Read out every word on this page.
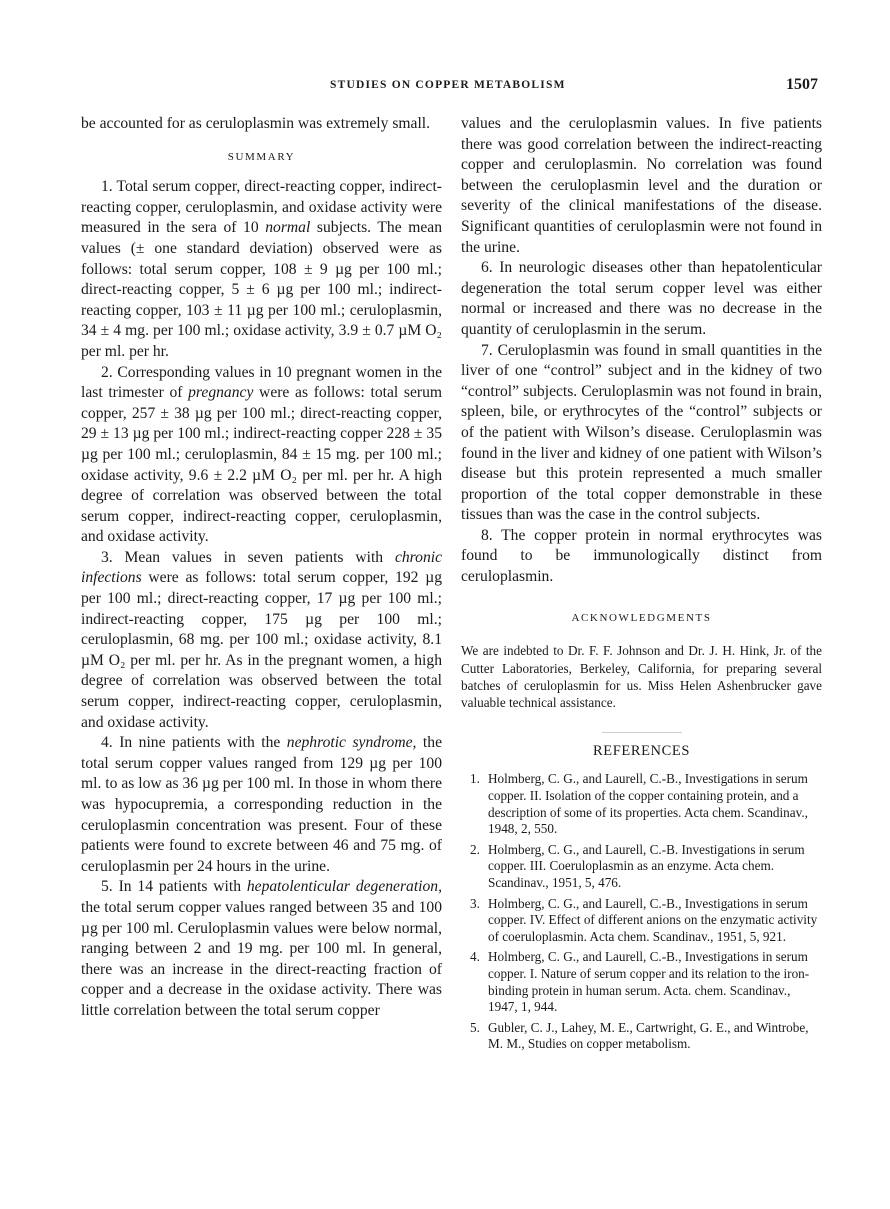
STUDIES ON COPPER METABOLISM	1507

be accounted for as ceruloplasmin was extremely small.

SUMMARY

1. Total serum copper, direct-reacting copper, indirect-reacting copper, ceruloplasmin, and oxidase activity were measured in the sera of 10 normal subjects. The mean values (± one standard deviation) observed were as follows: total serum copper, 108 ± 9 µg per 100 ml.; direct-reacting copper, 5 ± 6 µg per 100 ml.; indirect-reacting copper, 103 ± 11 µg per 100 ml.; ceruloplasmin, 34 ± 4 mg. per 100 ml.; oxidase activity, 3.9 ± 0.7 µM O₂ per ml. per hr.

2. Corresponding values in 10 pregnant women in the last trimester of pregnancy were as follows: total serum copper, 257 ± 38 µg per 100 ml.; direct-reacting copper, 29 ± 13 µg per 100 ml.; indirect-reacting copper 228 ± 35 µg per 100 ml.; ceruloplasmin, 84 ± 15 mg. per 100 ml.; oxidase activity, 9.6 ± 2.2 µM O₂ per ml. per hr. A high degree of correlation was observed between the total serum copper, indirect-reacting copper, ceruloplasmin, and oxidase activity.

3. Mean values in seven patients with chronic infections were as follows: total serum copper, 192 µg per 100 ml.; direct-reacting copper, 17 µg per 100 ml.; indirect-reacting copper, 175 µg per 100 ml.; ceruloplasmin, 68 mg. per 100 ml.; oxidase activity, 8.1 µM O₂ per ml. per hr. As in the pregnant women, a high degree of correlation was observed between the total serum copper, indirect-reacting copper, ceruloplasmin, and oxidase activity.

4. In nine patients with the nephrotic syndrome, the total serum copper values ranged from 129 µg per 100 ml. to as low as 36 µg per 100 ml. In those in whom there was hypocupremia, a corresponding reduction in the ceruloplasmin concentration was present. Four of these patients were found to excrete between 46 and 75 mg. of ceruloplasmin per 24 hours in the urine.

5. In 14 patients with hepatolenticular degeneration, the total serum copper values ranged between 35 and 100 µg per 100 ml. Ceruloplasmin values were below normal, ranging between 2 and 19 mg. per 100 ml. In general, there was an increase in the direct-reacting fraction of copper and a decrease in the oxidase activity. There was little correlation between the total serum copper

values and the ceruloplasmin values. In five patients there was good correlation between the indirect-reacting copper and ceruloplasmin. No correlation was found between the ceruloplasmin level and the duration or severity of the clinical manifestations of the disease. Significant quantities of ceruloplasmin were not found in the urine.

6. In neurologic diseases other than hepatolenticular degeneration the total serum copper level was either normal or increased and there was no decrease in the quantity of ceruloplasmin in the serum.

7. Ceruloplasmin was found in small quantities in the liver of one “control” subject and in the kidney of two “control” subjects. Ceruloplasmin was not found in brain, spleen, bile, or erythrocytes of the “control” subjects or of the patient with Wilson’s disease. Ceruloplasmin was found in the liver and kidney of one patient with Wilson’s disease but this protein represented a much smaller proportion of the total copper demonstrable in these tissues than was the case in the control subjects.

8. The copper protein in normal erythrocytes was found to be immunologically distinct from ceruloplasmin.

ACKNOWLEDGMENTS

We are indebted to Dr. F. F. Johnson and Dr. J. H. Hink, Jr. of the Cutter Laboratories, Berkeley, California, for preparing several batches of ceruloplasmin for us. Miss Helen Ashenbrucker gave valuable technical assistance.

REFERENCES
1. Holmberg, C. G., and Laurell, C.-B., Investigations in serum copper. II. Isolation of the copper containing protein, and a description of some of its properties. Acta chem. Scandinav., 1948, 2, 550.
2. Holmberg, C. G., and Laurell, C.-B. Investigations in serum copper. III. Coeruloplasmin as an enzyme. Acta chem. Scandinav., 1951, 5, 476.
3. Holmberg, C. G., and Laurell, C.-B., Investigations in serum copper. IV. Effect of different anions on the enzymatic activity of coeruloplasmin. Acta chem. Scandinav., 1951, 5, 921.
4. Holmberg, C. G., and Laurell, C.-B., Investigations in serum copper. I. Nature of serum copper and its relation to the iron-binding protein in human serum. Acta. chem. Scandinav., 1947, 1, 944.
5. Gubler, C. J., Lahey, M. E., Cartwright, G. E., and Wintrobe, M. M., Studies on copper metabolism.
